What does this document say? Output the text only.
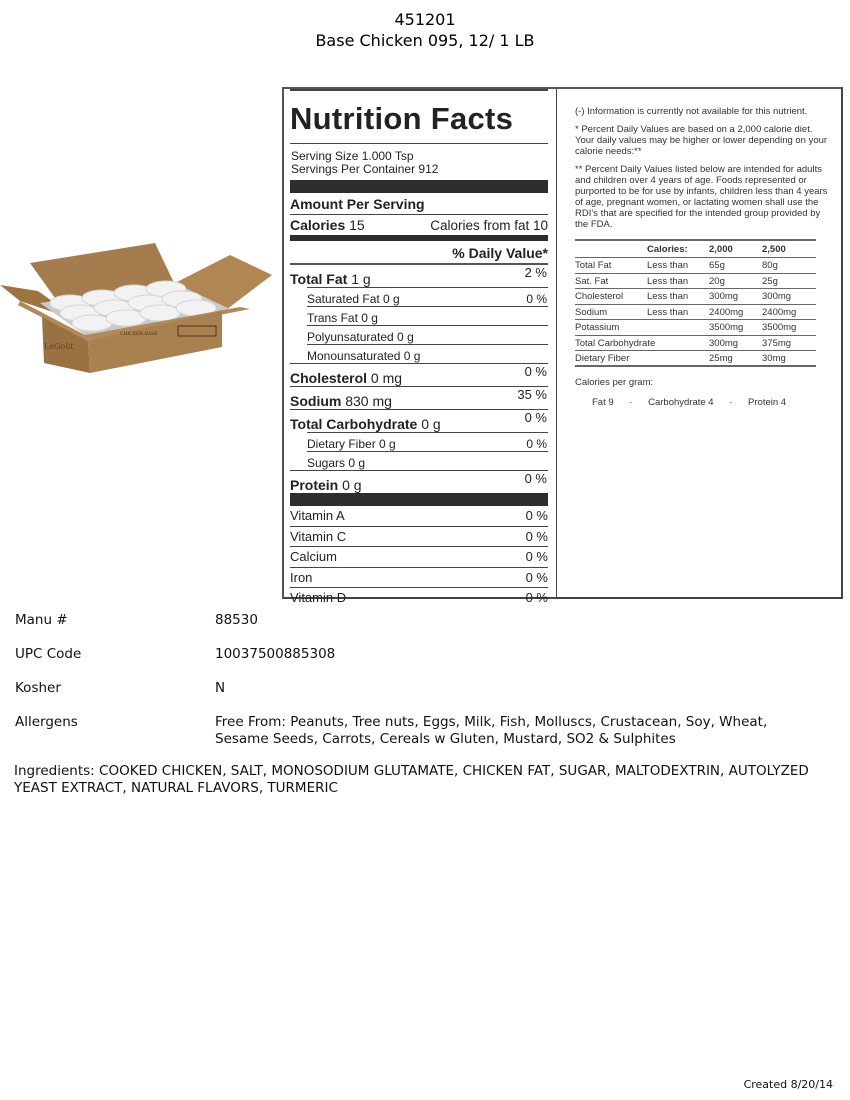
451201
Base Chicken 095, 12/ 1 LB
LeGoût
CHICKEN BASE
Nutrition Facts
Serving Size 1.000 Tsp
Servings Per Container 912
Amount Per Serving
Calories 15	Calories from fat 10
% Daily Value*
Total Fat 1 g	2 %
Saturated Fat 0 g	0 %
Trans Fat 0 g
Polyunsaturated 0 g
Monounsaturated 0 g
Cholesterol 0 mg	0 %
Sodium 830 mg	35 %
Total Carbohydrate 0 g	0 %
Dietary Fiber 0 g	0 %
Sugars 0 g
Protein 0 g	0 %
Vitamin A	0 %
Vitamin C	0 %
Calcium	0 %
Iron	0 %
Vitamin D	0 %

(-) Information is currently not available for this nutrient.

* Percent Daily Values are based on a 2,000 calorie diet. Your daily values may be higher or lower depending on your calorie needs:**

** Percent Daily Values listed below are intended for adults and children over 4 years of age. Foods represented or purported to be for use by infants, children less than 4 years of age, pregnant women, or lactating women shall use the RDI's that are specified for the intended group provided by the FDA.

	Calories:	2,000	2,500
Total Fat	Less than	65g	80g
Sat. Fat	Less than	20g	25g
Cholesterol	Less than	300mg	300mg
Sodium	Less than	2400mg	2400mg
Potassium		3500mg	3500mg
Total Carbohydrate		300mg	375mg
Dietary Fiber		25mg	30mg
Calories per gram:
Fat 9 · Carbohydrate 4 · Protein 4
Manu #	88530
UPC Code	10037500885308
Kosher	N
Allergens	Free From: Peanuts, Tree nuts, Eggs, Milk, Fish, Molluscs, Crustacean, Soy, Wheat, Sesame Seeds, Carrots, Cereals w Gluten, Mustard, SO2 & Sulphites
Ingredients: COOKED CHICKEN, SALT, MONOSODIUM GLUTAMATE, CHICKEN FAT, SUGAR, MALTODEXTRIN, AUTOLYZED YEAST EXTRACT, NATURAL FLAVORS, TURMERIC
Created 8/20/14
